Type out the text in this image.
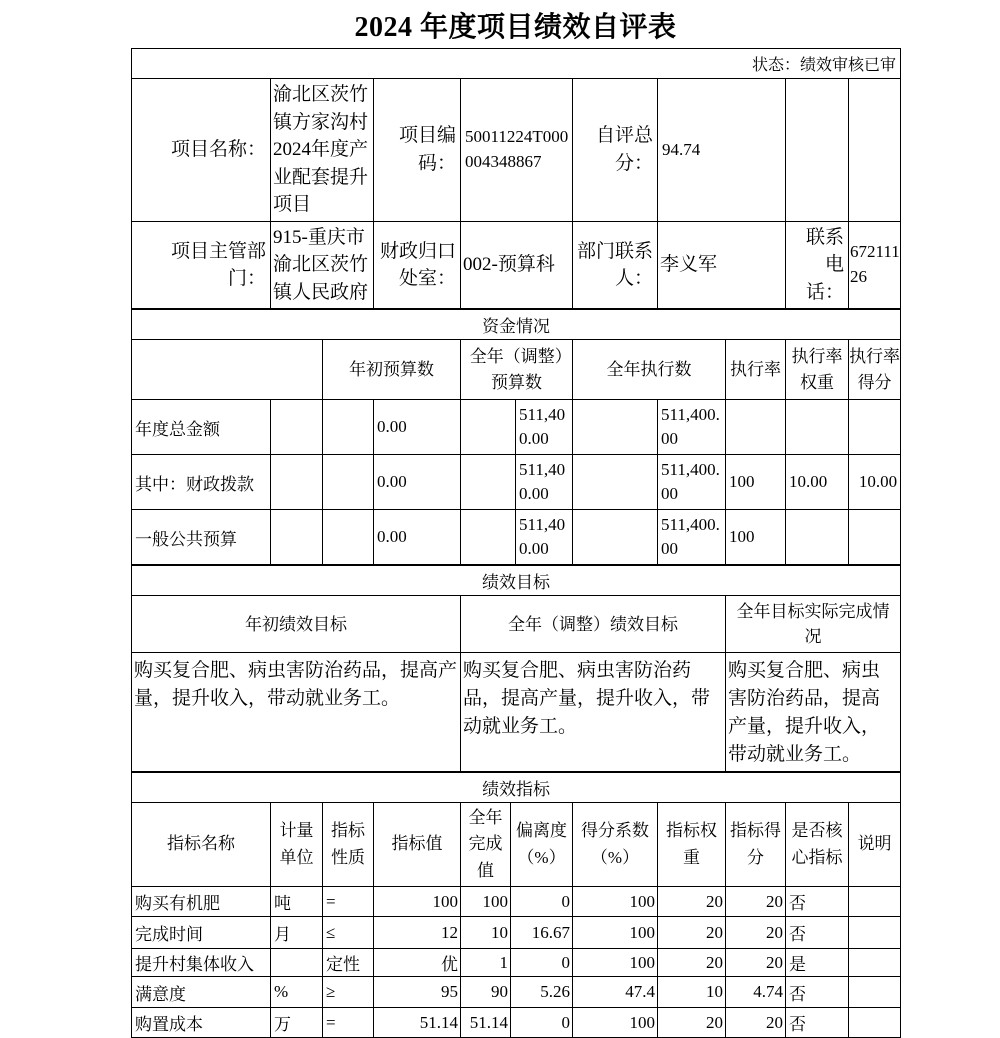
2024 年度项目绩效自评表
状态：绩效审核已审							
项目名称：	渝北区茨竹镇方家沟村2024年度产业配套提升项目	项目编码：	50011224T000004348867	自评总分：	94.74		
项目主管部门：	915-重庆市渝北区茨竹镇人民政府	财政归口处室：	002-预算科	部门联系人：	李义军	联系电话：	67211126
资金情况										
		年初预算数		全年（调整）预算数		全年执行数		执行率	执行率权重	执行率得分
年度总金额			0.00		511,400.00		511,400.00			
其中：财政拨款			0.00		511,400.00		511,400.00	100	10.00	10.00
一般公共预算			0.00		511,400.00		511,400.00	100		
绩效目标		
年初绩效目标	全年（调整）绩效目标	全年目标实际完成情况
购买复合肥、病虫害防治药品，提高产量，提升收入，带动就业务工。	购买复合肥、病虫害防治药品，提高产量，提升收入，带动就业务工。	购买复合肥、病虫害防治药品，提高产量，提升收入，带动就业务工。
绩效指标										
指标名称	计量单位	指标性质	指标值	全年完成值	偏离度（%）	得分系数（%）	指标权重	指标得分	是否核心指标	说明
购买有机肥	吨	=	100	100	0	100	20	20	否	
完成时间	月	≤	12	10	16.67	100	20	20	否	
提升村集体收入		定性	优	1	0	100	20	20	是	
满意度	%	≥	95	90	5.26	47.4	10	4.74	否	
购置成本	万	=	51.14	51.14	0	100	20	20	否	
